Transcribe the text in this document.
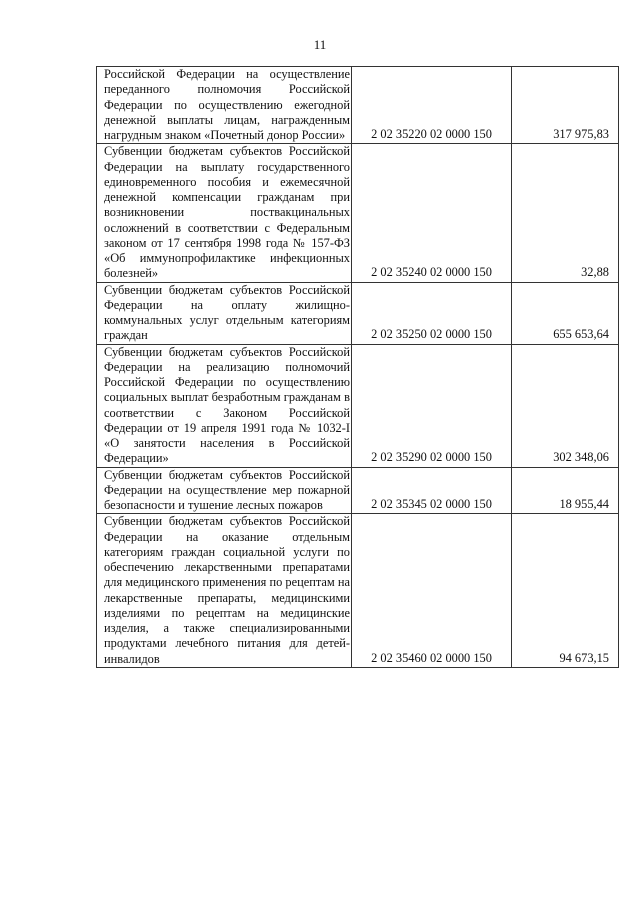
11
Российской Федерации на осуществление переданного полномочия Российской Федерации по осуществлению ежегодной денежной выплаты лицам, награжденным нагрудным знаком «Почетный донор России»	2 02 35220 02 0000 150	317 975,83

Субвенции бюджетам субъектов Российской Федерации на выплату государственного единовременного пособия и ежемесячной денежной компенсации гражданам при возникновении поствакцинальных осложнений в соответствии с Федеральным законом от 17 сентября 1998 года № 157-ФЗ «Об иммунопрофилактике инфекционных болезней»	2 02 35240 02 0000 150	32,88

Субвенции бюджетам субъектов Российской Федерации на оплату жилищно-коммунальных услуг отдельным категориям граждан	2 02 35250 02 0000 150	655 653,64

Субвенции бюджетам субъектов Российской Федерации на реализацию полномочий Российской Федерации по осуществлению социальных выплат безработным гражданам в соответствии с Законом Российской Федерации от 19 апреля 1991 года № 1032-I «О занятости населения в Российской Федерации»	2 02 35290 02 0000 150	302 348,06

Субвенции бюджетам субъектов Российской Федерации на осуществление мер пожарной безопасности и тушение лесных пожаров	2 02 35345 02 0000 150	18 955,44

Субвенции бюджетам субъектов Российской Федерации на оказание отдельным категориям граждан социальной услуги по обеспечению лекарственными препаратами для медицинского применения по рецептам на лекарственные препараты, медицинскими изделиями по рецептам на медицинские изделия, а также специализированными продуктами лечебного питания для детей-инвалидов	2 02 35460 02 0000 150	94 673,15
